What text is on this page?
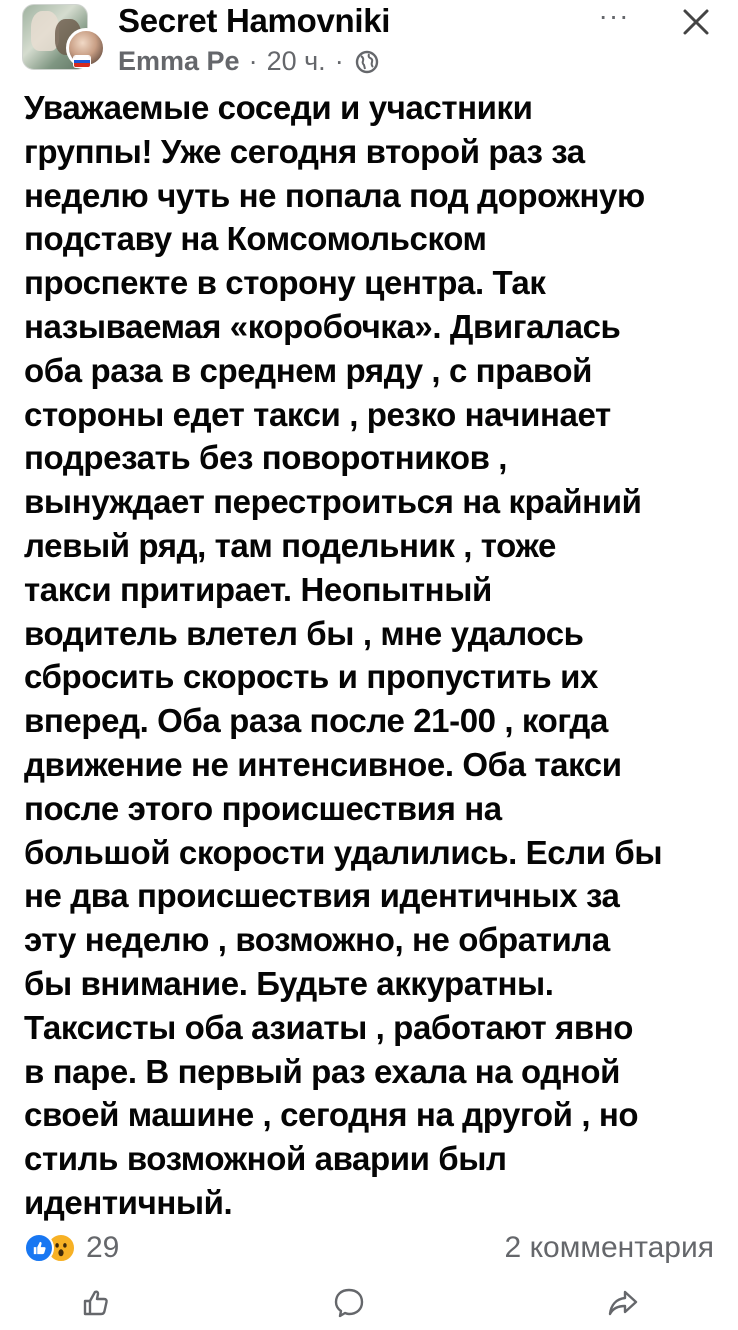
Secret Hamovniki
Emma Pe · 20 ч. ·
···
Уважаемые соседи и участники
группы! Уже сегодня второй раз за
неделю чуть не попала под дорожную
подставу на Комсомольском
проспекте в сторону центра. Так
называемая «коробочка». Двигалась
оба раза в среднем ряду , с правой
стороны едет такси , резко начинает
подрезать без поворотников ,
вынуждает перестроиться на крайний
левый ряд, там подельник , тоже
такси притирает. Неопытный
водитель влетел бы , мне удалось
сбросить скорость и пропустить их
вперед. Оба раза после 21-00 , когда
движение не интенсивное. Оба такси
после этого происшествия на
большой скорости удалились. Если бы
не два происшествия идентичных за
эту неделю , возможно, не обратила
бы внимание. Будьте аккуратны.
Таксисты оба азиаты , работают явно
в паре. В первый раз ехала на одной
своей машине , сегодня на другой , но
стиль возможной аварии был
идентичный.
29	2 комментария
